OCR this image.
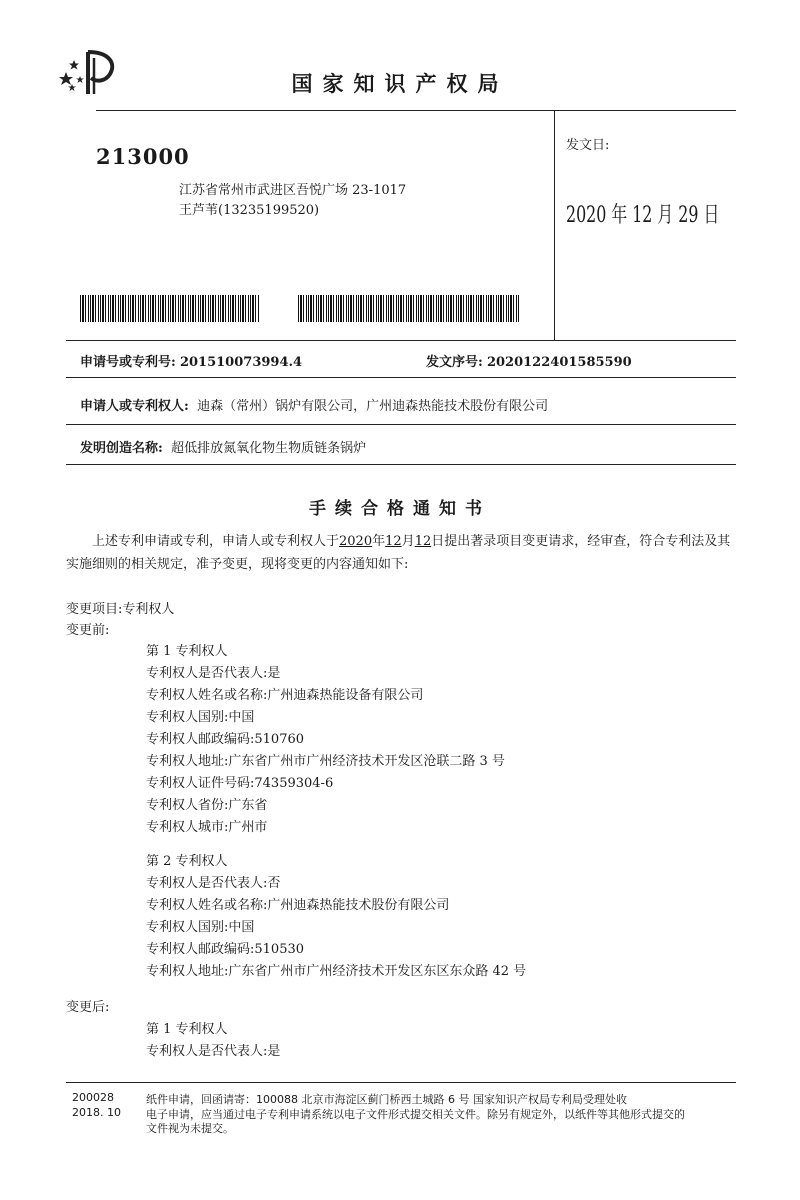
国家知识产权局
213000
江苏省常州市武进区吾悦广场 23-1017
王芦苇(13235199520)
发文日:
2020 年 12 月 29 日
申请号或专利号: 201510073994.4	发文序号: 2020122401585590
申请人或专利权人: 迪森（常州）锅炉有限公司，广州迪森热能技术股份有限公司
发明创造名称: 超低排放氮氧化物生物质链条锅炉
手续合格通知书
上述专利申请或专利，申请人或专利权人于2020年12月12日提出著录项目变更请求，经审查，符合专利法及其实施细则的相关规定，准予变更，现将变更的内容通知如下:
变更项目:专利权人
变更前:
第 1 专利权人
专利权人是否代表人:是
专利权人姓名或名称:广州迪森热能设备有限公司
专利权人国别:中国
专利权人邮政编码:510760
专利权人地址:广东省广州市广州经济技术开发区沧联二路 3 号
专利权人证件号码:74359304-6
专利权人省份:广东省
专利权人城市:广州市
第 2 专利权人
专利权人是否代表人:否
专利权人姓名或名称:广州迪森热能技术股份有限公司
专利权人国别:中国
专利权人邮政编码:510530
专利权人地址:广东省广州市广州经济技术开发区东区东众路 42 号
变更后:
第 1 专利权人
专利权人是否代表人:是
200028
2018. 10
纸件申请，回函请寄：100088 北京市海淀区蓟门桥西土城路 6 号 国家知识产权局专利局受理处收
电子申请，应当通过电子专利申请系统以电子文件形式提交相关文件。除另有规定外，以纸件等其他形式提交的
文件视为未提交。
